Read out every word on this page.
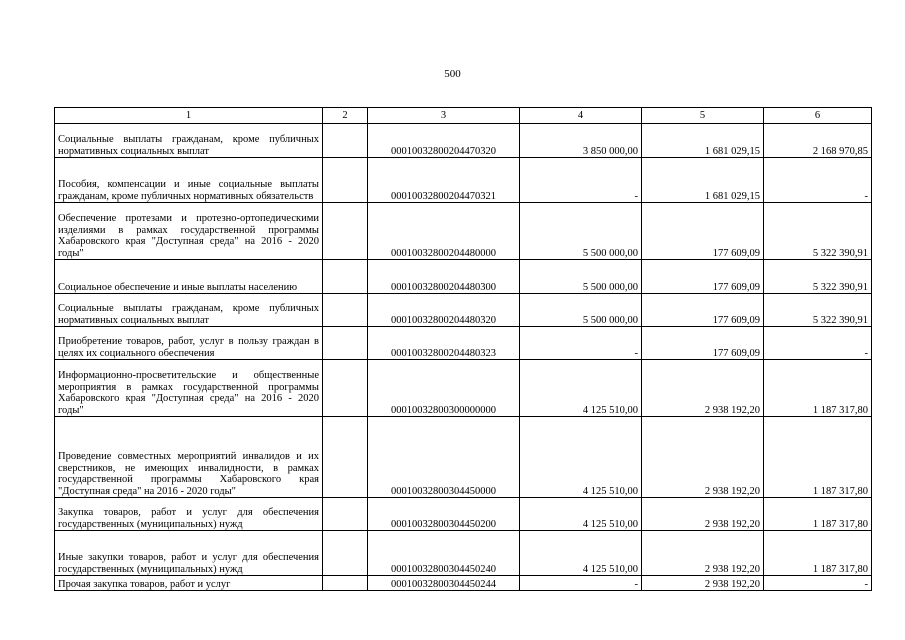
500
1	2	3	4	5	6
Социальные выплаты гражданам, кроме публичных нормативных социальных выплат		00010032800204470320	3 850 000,00	1 681 029,15	2 168 970,85
Пособия, компенсации и иные социальные выплаты гражданам, кроме публичных нормативных обязательств		00010032800204470321	-	1 681 029,15	-
Обеспечение протезами и протезно-ортопедическими изделиями в рамках государственной программы Хабаровского края "Доступная среда" на 2016 - 2020 годы"		00010032800204480000	5 500 000,00	177 609,09	5 322 390,91
Социальное обеспечение и иные выплаты населению		00010032800204480300	5 500 000,00	177 609,09	5 322 390,91
Социальные выплаты гражданам, кроме публичных нормативных социальных выплат		00010032800204480320	5 500 000,00	177 609,09	5 322 390,91
Приобретение товаров, работ, услуг в пользу граждан в целях их социального обеспечения		00010032800204480323	-	177 609,09	-
Информационно-просветительские и общественные мероприятия в рамках государственной программы Хабаровского края "Доступная среда" на 2016 - 2020 годы"		00010032800300000000	4 125 510,00	2 938 192,20	1 187 317,80
Проведение совместных мероприятий инвалидов и их сверстников, не имеющих инвалидности, в рамках государственной программы Хабаровского края "Доступная среда" на 2016 - 2020 годы"		00010032800304450000	4 125 510,00	2 938 192,20	1 187 317,80
Закупка товаров, работ и услуг для обеспечения государственных (муниципальных) нужд		00010032800304450200	4 125 510,00	2 938 192,20	1 187 317,80
Иные закупки товаров, работ и услуг для обеспечения государственных (муниципальных) нужд		00010032800304450240	4 125 510,00	2 938 192,20	1 187 317,80
Прочая закупка товаров, работ и услуг		00010032800304450244	-	2 938 192,20	-
